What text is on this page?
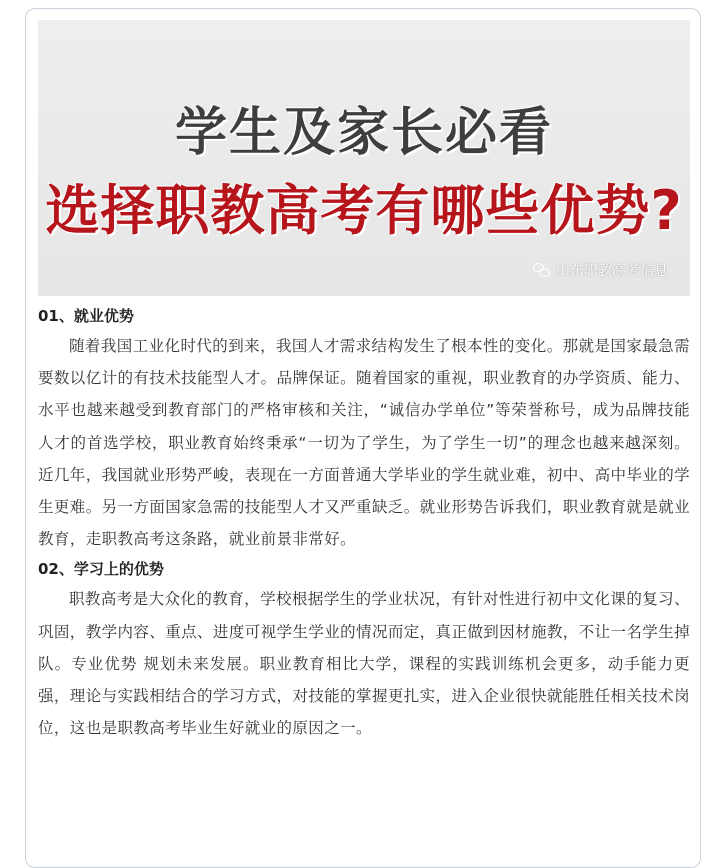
学生及家长必看
选择职教高考有哪些优势?
山东职教高考信息

01、就业优势

随着我国工业化时代的到来，我国人才需求结构发生了根本性的变化。那就是国家最急需要数以亿计的有技术技能型人才。品牌保证。随着国家的重视，职业教育的办学资质、能力、水平也越来越受到教育部门的严格审核和关注，“诚信办学单位”等荣誉称号，成为品牌技能人才的首选学校，职业教育始终秉承“一切为了学生，为了学生一切”的理念也越来越深刻。近几年，我国就业形势严峻，表现在一方面普通大学毕业的学生就业难，初中、高中毕业的学生更难。另一方面国家急需的技能型人才又严重缺乏。就业形势告诉我们，职业教育就是就业教育，走职教高考这条路，就业前景非常好。

02、学习上的优势

职教高考是大众化的教育，学校根据学生的学业状况，有针对性进行初中文化课的复习、巩固，教学内容、重点、进度可视学生学业的情况而定，真正做到因材施教，不让一名学生掉队。专业优势 规划未来发展。职业教育相比大学，课程的实践训练机会更多，动手能力更强，理论与实践相结合的学习方式，对技能的掌握更扎实，进入企业很快就能胜任相关技术岗位，这也是职教高考毕业生好就业的原因之一。
